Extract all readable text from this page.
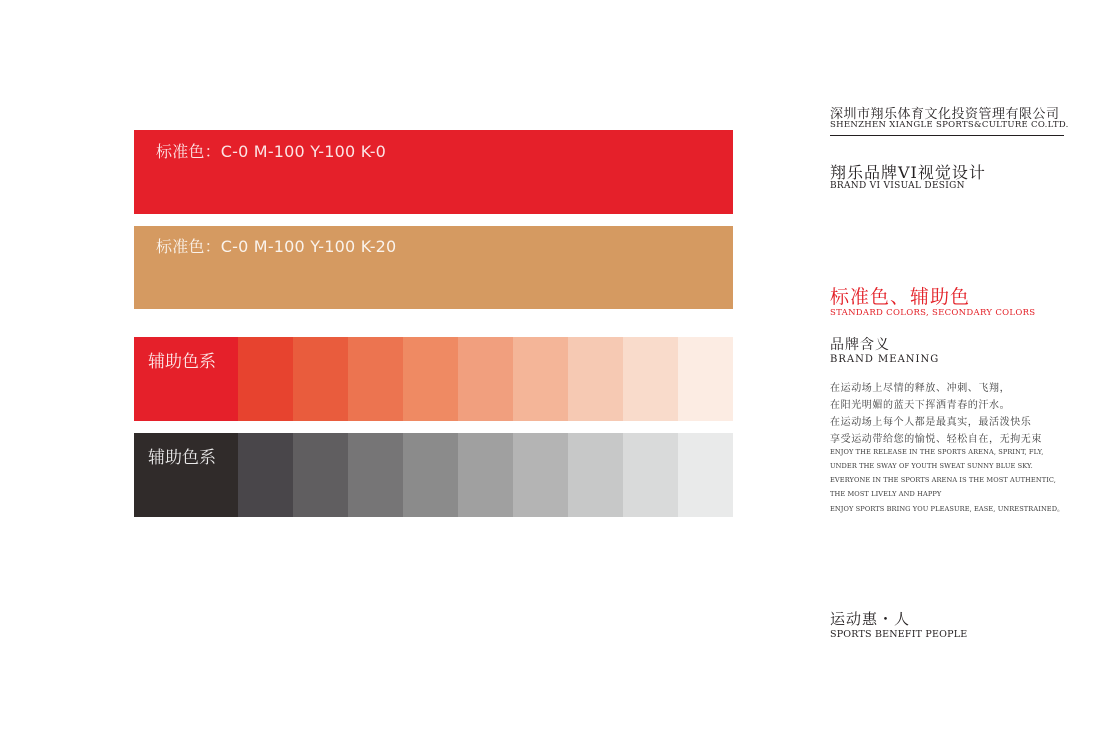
标准色：C-0 M-100 Y-100 K-0
标准色：C-0 M-100 Y-100 K-20
辅助色系
辅助色系
深圳市翔乐体育文化投资管理有限公司
SHENZHEN XIANGLE SPORTS&CULTURE CO.LTD.
翔乐品牌VI视觉设计
BRAND VI VISUAL DESIGN
标准色、辅助色
STANDARD COLORS, SECONDARY COLORS
品牌含义
BRAND MEANING
在运动场上尽情的释放、冲刺、飞翔，
在阳光明媚的蓝天下挥洒青春的汗水。
在运动场上每个人都是最真实，最活泼快乐
享受运动带给您的愉悦、轻松自在，无拘无束
ENJOY THE RELEASE IN THE SPORTS ARENA, SPRINT, FLY,
UNDER THE SWAY OF YOUTH SWEAT SUNNY BLUE SKY.
EVERYONE IN THE SPORTS ARENA IS THE MOST AUTHENTIC,
THE MOST LIVELY AND HAPPY
ENJOY SPORTS BRING YOU PLEASURE, EASE, UNRESTRAINED。
运动惠・人
SPORTS BENEFIT PEOPLE
